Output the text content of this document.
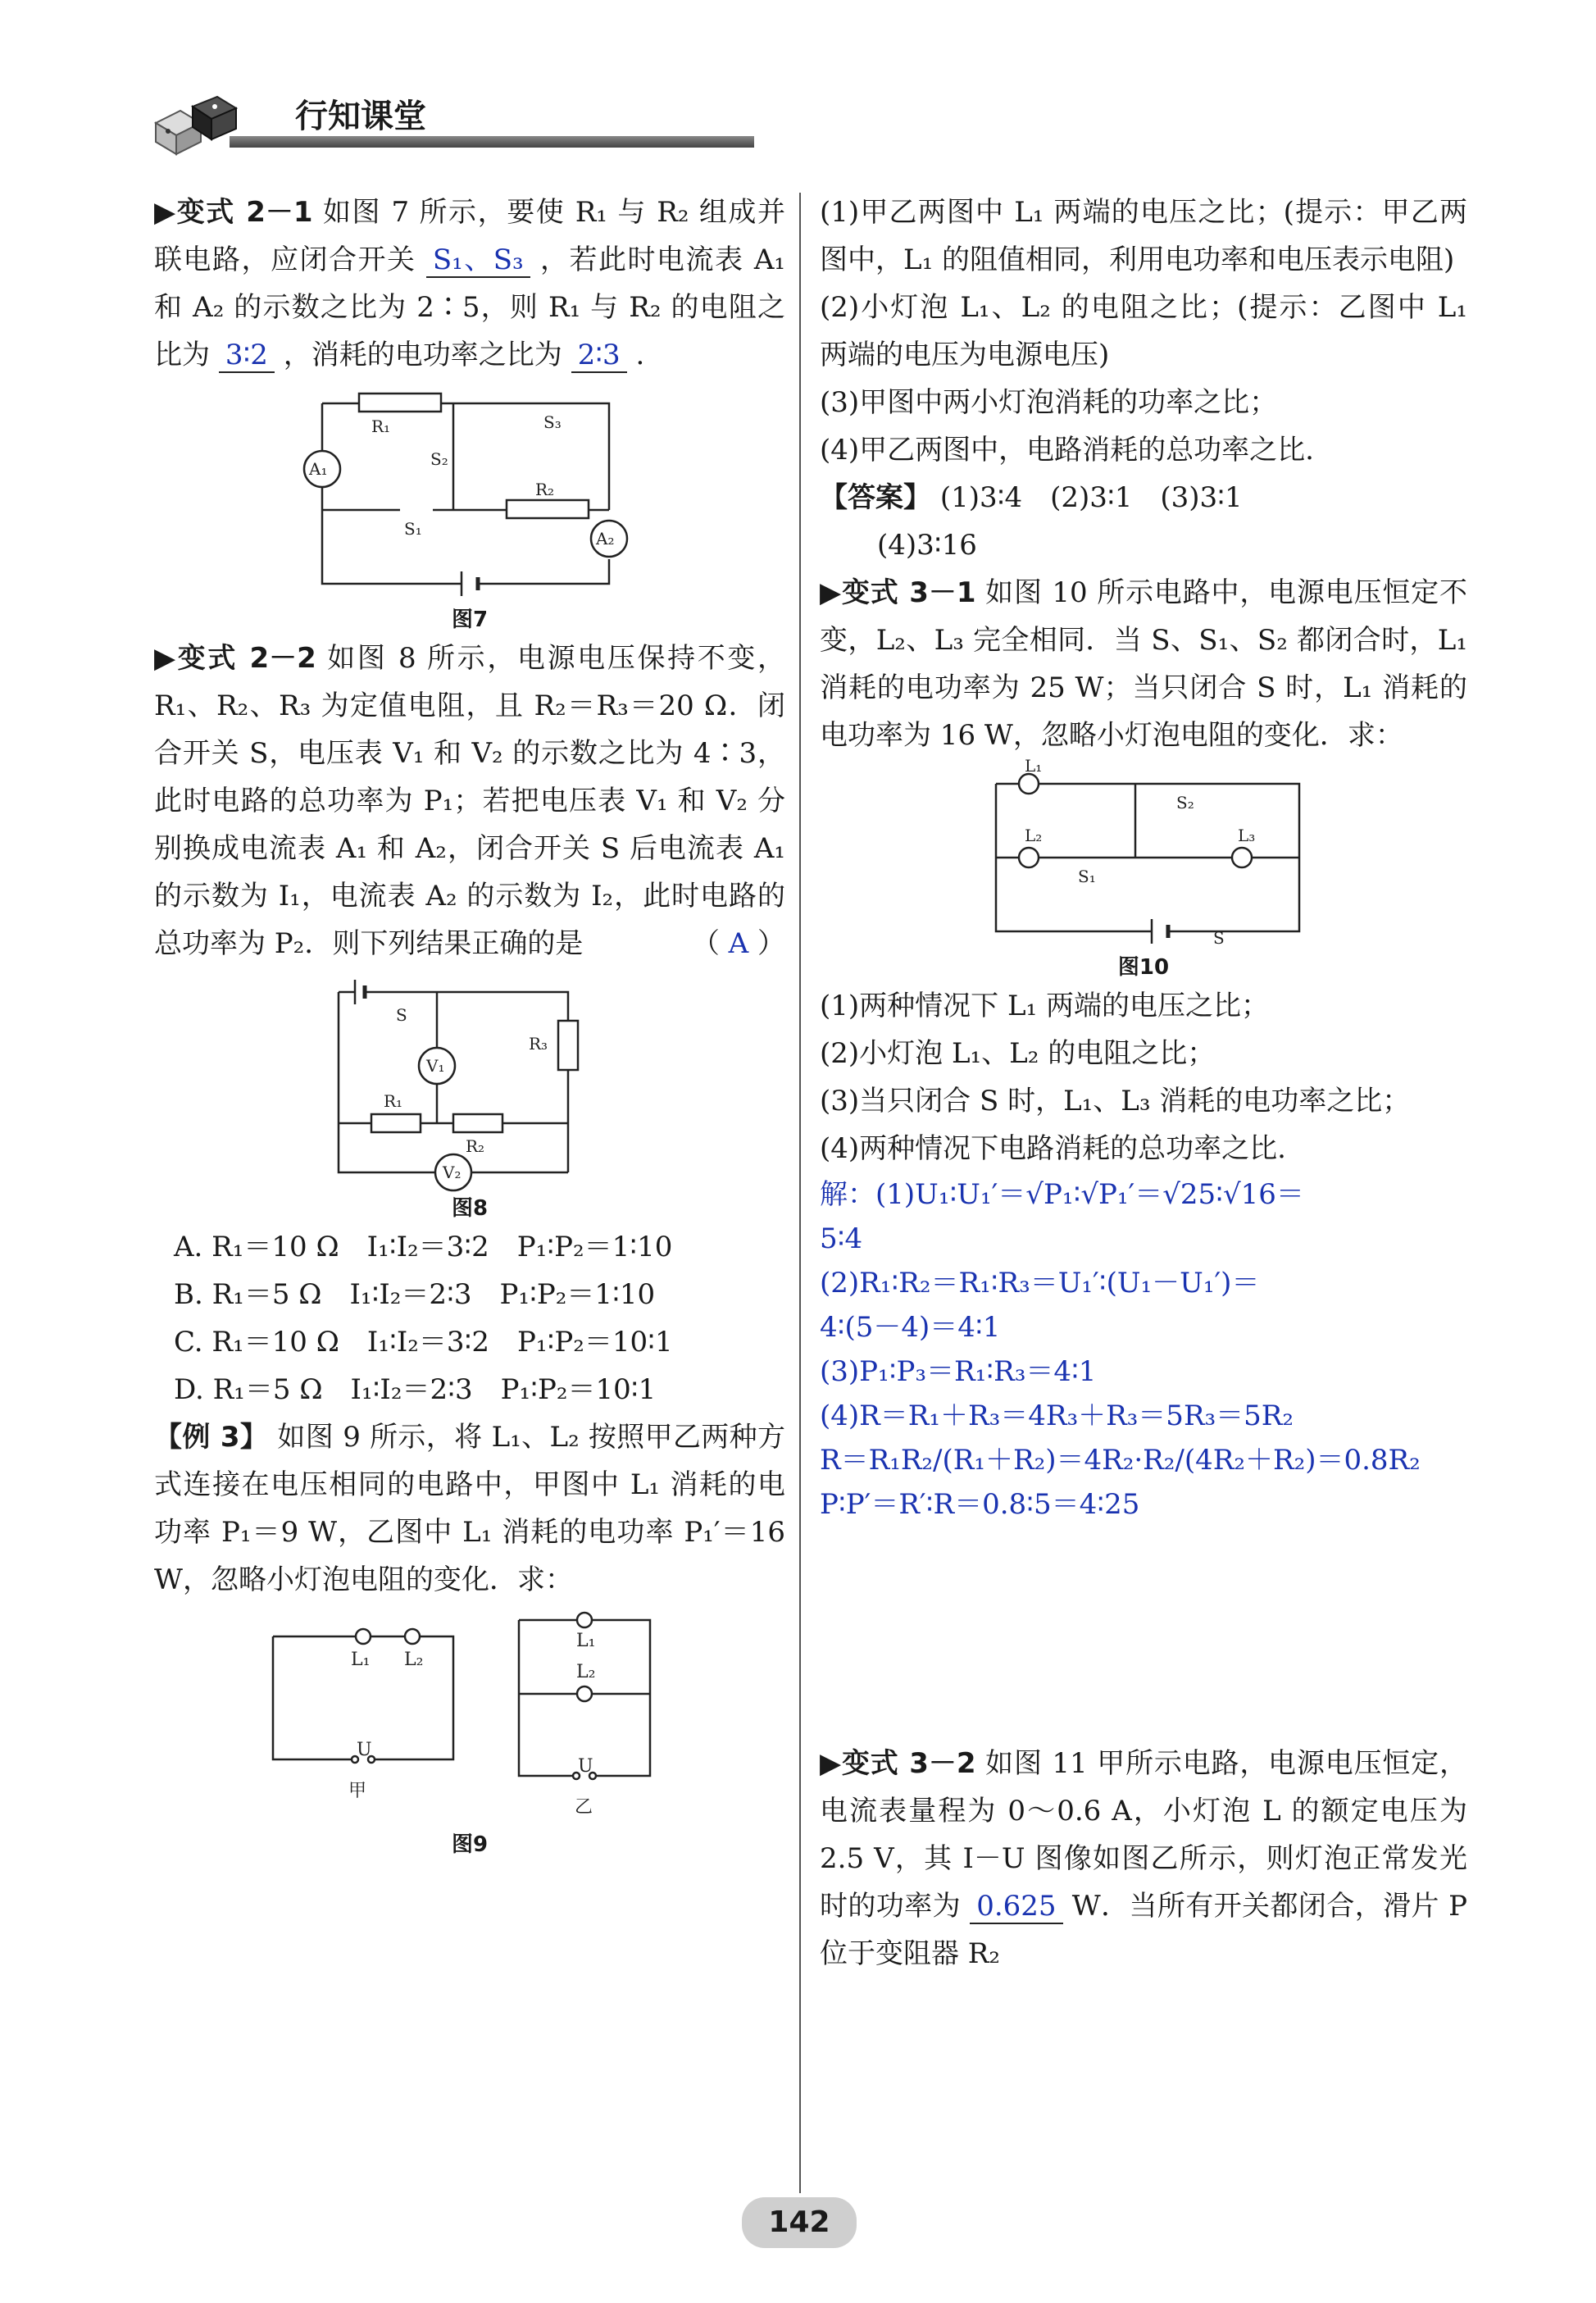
行知课堂

▶变式 2－1 如图 7 所示，要使 R₁ 与 R₂ 组成并联电路，应闭合开关 S₁、S₃ ，若此时电流表 A₁ 和 A₂ 的示数之比为 2∶5，则 R₁ 与 R₂ 的电阻之比为 3∶2 ，消耗的电功率之比为 2∶3 .

R₁
R₂
S₁
S₂
S₃
A₁
A₂
图7

▶变式 2－2 如图 8 所示，电源电压保持不变，R₁、R₂、R₃ 为定值电阻，且 R₂＝R₃＝20 Ω．闭合开关 S，电压表 V₁ 和 V₂ 的示数之比为 4∶3，此时电路的总功率为 P₁；若把电压表 V₁ 和 V₂ 分别换成电流表 A₁ 和 A₂，闭合开关 S 后电流表 A₁ 的示数为 I₁，电流表 A₂ 的示数为 I₂，此时电路的总功率为 P₂．则下列结果正确的是	（ A ）

S
V₁
V₂
R₁
R₂
R₃
图8

A. R₁＝10 Ω　I₁∶I₂＝3∶2　P₁∶P₂＝1∶10

B. R₁＝5 Ω　I₁∶I₂＝2∶3　P₁∶P₂＝1∶10

C. R₁＝10 Ω　I₁∶I₂＝3∶2　P₁∶P₂＝10∶1

D. R₁＝5 Ω　I₁∶I₂＝2∶3　P₁∶P₂＝10∶1

【例 3】 如图 9 所示，将 L₁、L₂ 按照甲乙两种方式连接在电压相同的电路中，甲图中 L₁ 消耗的电功率 P₁＝9 W，乙图中 L₁ 消耗的电功率 P₁′＝16 W，忽略小灯泡电阻的变化．求：

L₁ L₂
U
甲
L₁
L₂
U
乙
图9

(1)甲乙两图中 L₁ 两端的电压之比；(提示：甲乙两图中，L₁ 的阻值相同，利用电功率和电压表示电阻)

(2)小灯泡 L₁、L₂ 的电阻之比；(提示：乙图中 L₁ 两端的电压为电源电压)

(3)甲图中两小灯泡消耗的功率之比；

(4)甲乙两图中，电路消耗的总功率之比.

【答案】 (1)3∶4　(2)3∶1　(3)3∶1

(4)3∶16

▶变式 3－1 如图 10 所示电路中，电源电压恒定不变，L₂、L₃ 完全相同．当 S、S₁、S₂ 都闭合时，L₁ 消耗的电功率为 25 W；当只闭合 S 时，L₁ 消耗的电功率为 16 W，忽略小灯泡电阻的变化．求：

L₁
L₂	L₃
S₂
S₁
S
图10

(1)两种情况下 L₁ 两端的电压之比；

(2)小灯泡 L₁、L₂ 的电阻之比；

(3)当只闭合 S 时，L₁、L₃ 消耗的电功率之比；

(4)两种情况下电路消耗的总功率之比.

解：(1)U₁∶U₁′＝√P₁∶√P₁′＝√25∶√16＝
5∶4
(2)R₁∶R₂＝R₁∶R₃＝U₁′∶(U₁－U₁′)＝
4∶(5－4)＝4∶1
(3)P₁∶P₃＝R₁∶R₃＝4∶1
(4)R＝R₁＋R₃＝4R₃＋R₃＝5R₃＝5R₂
R＝R₁R₂/(R₁＋R₂)＝4R₂·R₂/(4R₂＋R₂)＝0.8R₂
P∶P′＝R′∶R＝0.8∶5＝4∶25

▶变式 3－2 如图 11 甲所示电路，电源电压恒定，电流表量程为 0～0.6 A，小灯泡 L 的额定电压为 2.5 V，其 I－U 图像如图乙所示，则灯泡正常发光时的功率为 0.625 W．当所有开关都闭合，滑片 P 位于变阻器 R₂

142
